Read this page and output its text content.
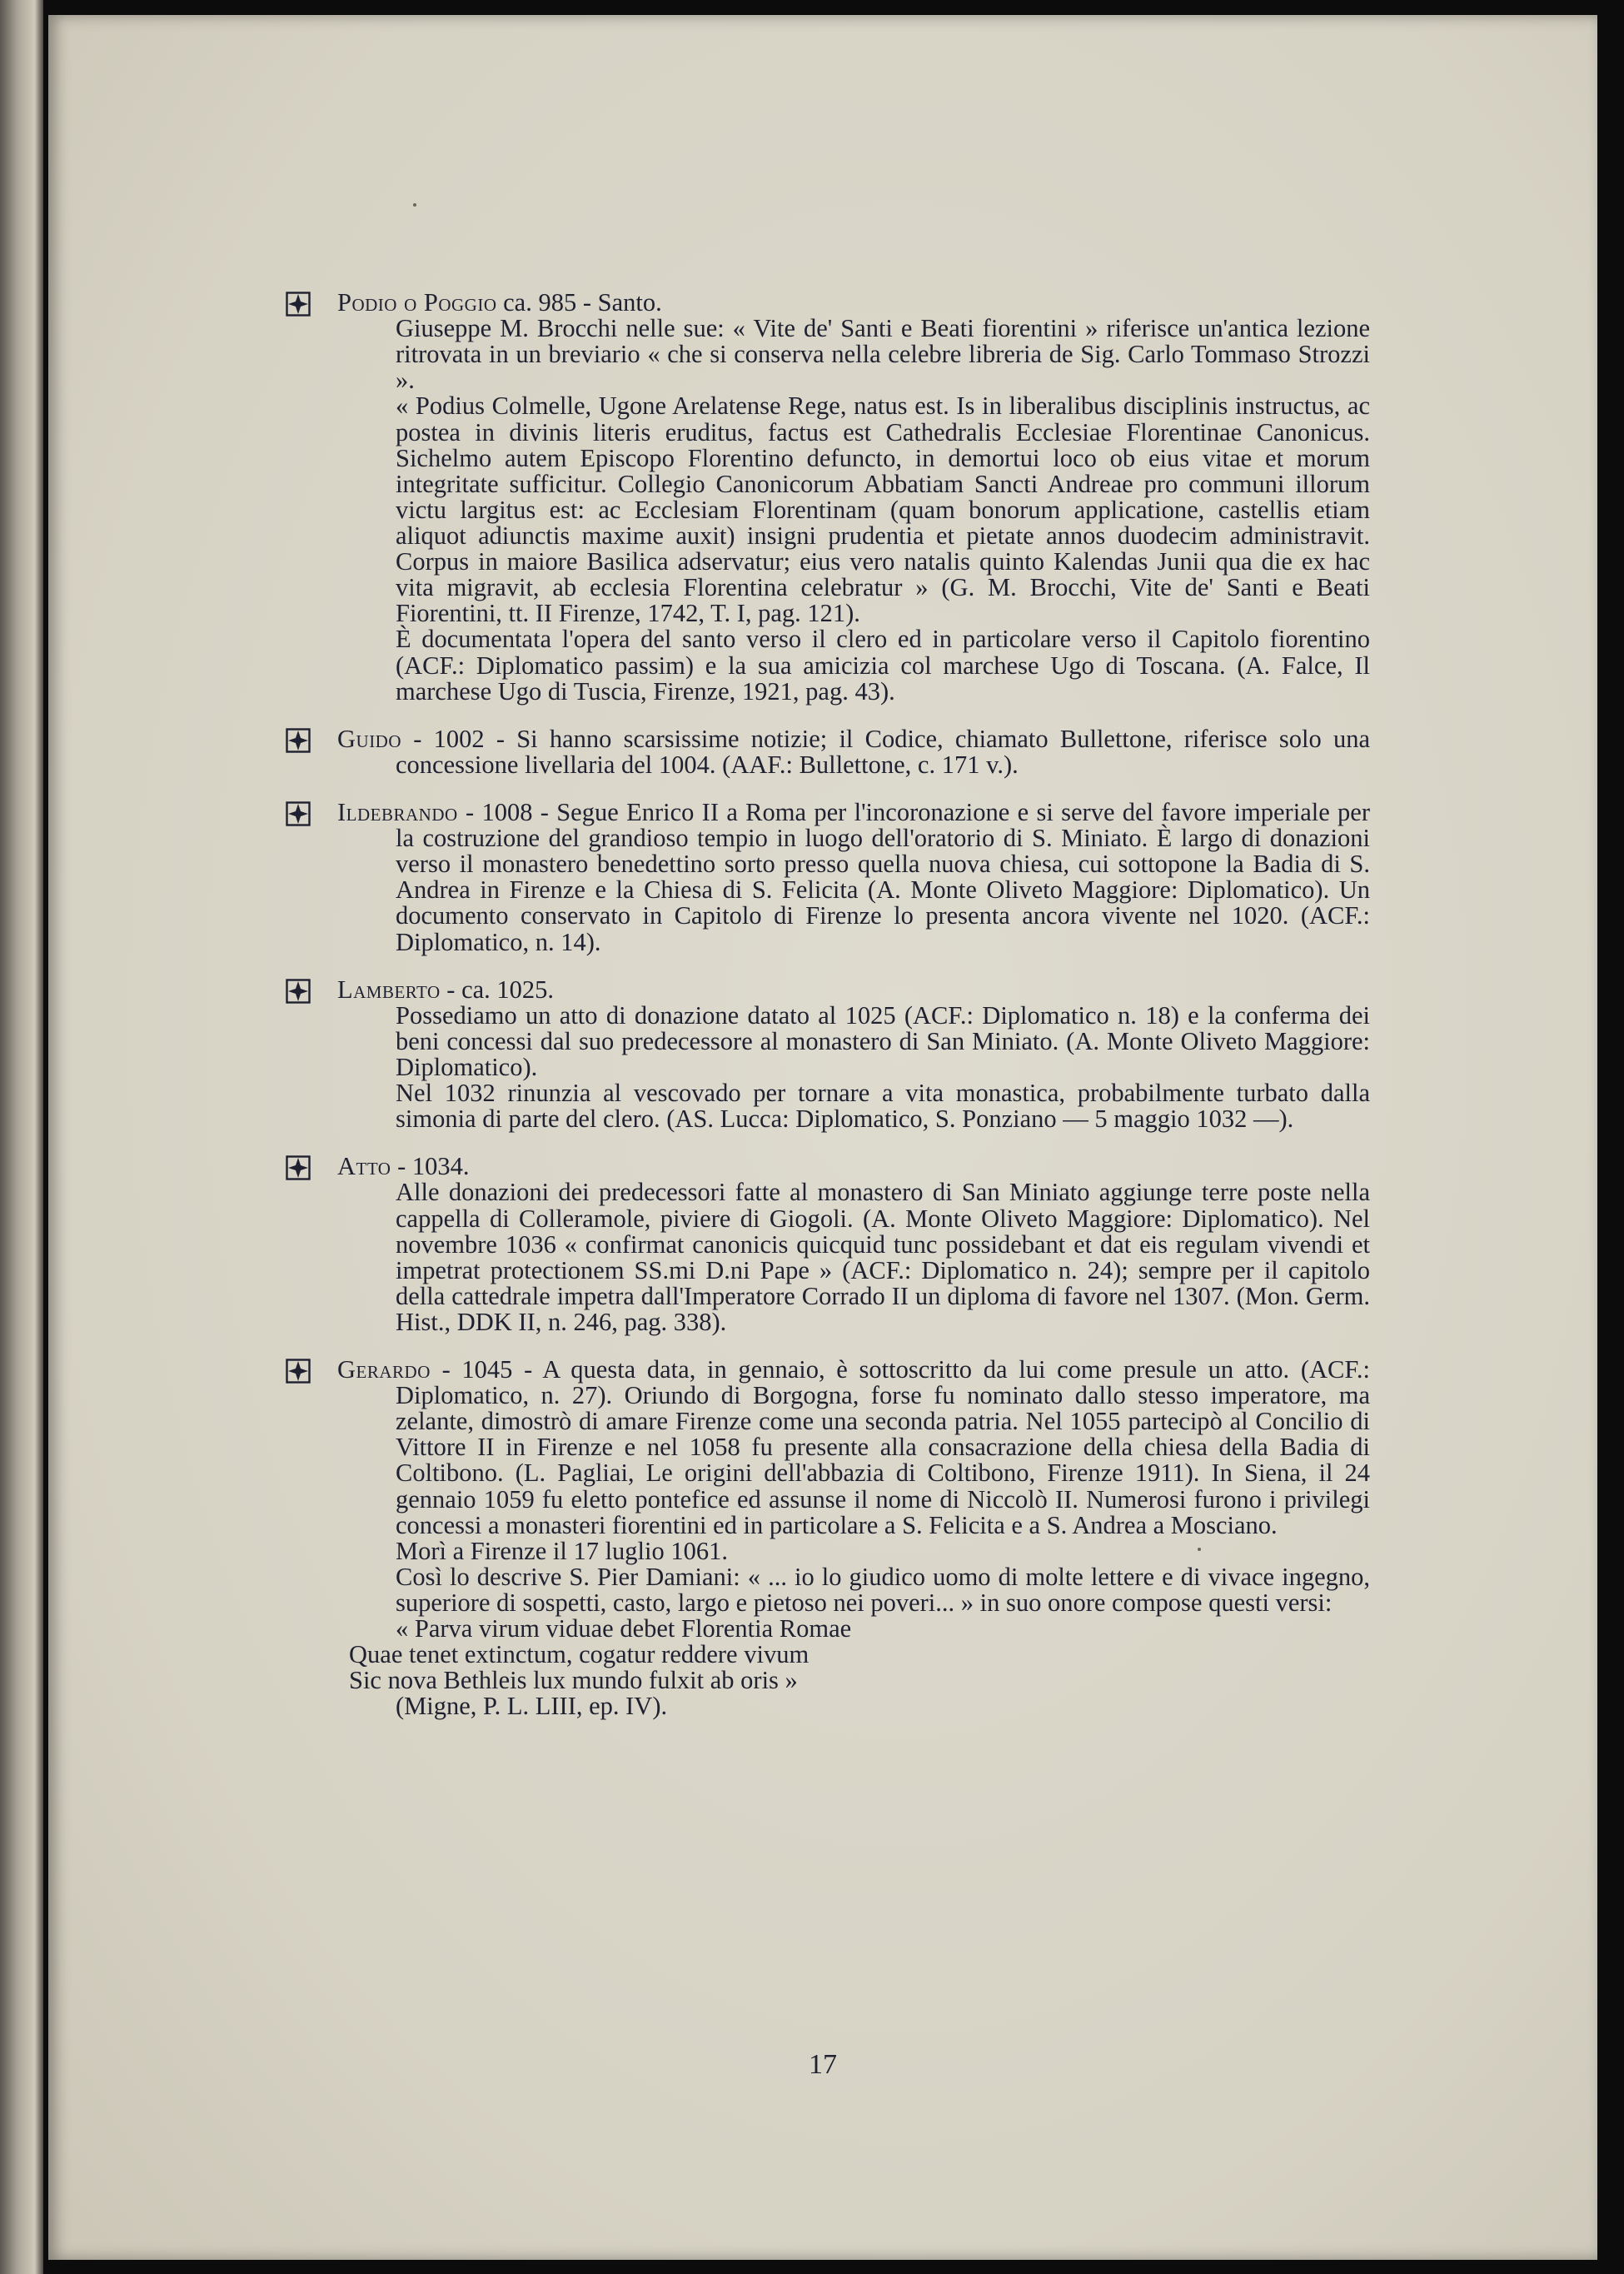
Podio o Poggio ca. 985 - Santo.

Giuseppe M. Brocchi nelle sue: « Vite de' Santi e Beati fiorentini » riferisce un'antica lezione ritrovata in un breviario « che si conserva nella celebre libreria de Sig. Carlo Tommaso Strozzi ».

« Podius Colmelle, Ugone Arelatense Rege, natus est. Is in liberalibus disciplinis instructus, ac postea in divinis literis eruditus, factus est Cathedralis Ecclesiae Florentinae Canonicus. Sichelmo autem Episcopo Florentino defuncto, in demortui loco ob eius vitae et morum integritate sufficitur. Collegio Canonicorum Abbatiam Sancti Andreae pro communi illorum victu largitus est: ac Ecclesiam Florentinam (quam bonorum applicatione, castellis etiam aliquot adiunctis maxime auxit) insigni prudentia et pietate annos duodecim administravit. Corpus in maiore Basilica adservatur; eius vero natalis quinto Kalendas Junii qua die ex hac vita migravit, ab ecclesia Florentina celebratur » (G. M. Brocchi, Vite de' Santi e Beati Fiorentini, tt. II Firenze, 1742, T. I, pag. 121).

È documentata l'opera del santo verso il clero ed in particolare verso il Capitolo fiorentino (ACF.: Diplomatico passim) e la sua amicizia col marchese Ugo di Toscana. (A. Falce, Il marchese Ugo di Tuscia, Firenze, 1921, pag. 43).

Guido - 1002 - Si hanno scarsissime notizie; il Codice, chiamato Bullettone, riferisce solo una concessione livellaria del 1004. (AAF.: Bullettone, c. 171 v.).

Ildebrando - 1008 - Segue Enrico II a Roma per l'incoronazione e si serve del favore imperiale per la costruzione del grandioso tempio in luogo dell'oratorio di S. Miniato. È largo di donazioni verso il monastero benedettino sorto presso quella nuova chiesa, cui sottopone la Badia di S. Andrea in Firenze e la Chiesa di S. Felicita (A. Monte Oliveto Maggiore: Diplomatico). Un documento conservato in Capitolo di Firenze lo presenta ancora vivente nel 1020. (ACF.: Diplomatico, n. 14).

Lamberto - ca. 1025.

Possediamo un atto di donazione datato al 1025 (ACF.: Diplomatico n. 18) e la conferma dei beni concessi dal suo predecessore al monastero di San Miniato. (A. Monte Oliveto Maggiore: Diplomatico).

Nel 1032 rinunzia al vescovado per tornare a vita monastica, probabilmente turbato dalla simonia di parte del clero. (AS. Lucca: Diplomatico, S. Ponziano — 5 maggio 1032 —).

Atto - 1034.

Alle donazioni dei predecessori fatte al monastero di San Miniato aggiunge terre poste nella cappella di Colleramole, piviere di Giogoli. (A. Monte Oliveto Maggiore: Diplomatico). Nel novembre 1036 « confirmat canonicis quicquid tunc possidebant et dat eis regulam vivendi et impetrat protectionem SS.mi D.ni Pape » (ACF.: Diplomatico n. 24); sempre per il capitolo della cattedrale impetra dall'Imperatore Corrado II un diploma di favore nel 1307. (Mon. Germ. Hist., DDK II, n. 246, pag. 338).

Gerardo - 1045 - A questa data, in gennaio, è sottoscritto da lui come presule un atto. (ACF.: Diplomatico, n. 27). Oriundo di Borgogna, forse fu nominato dallo stesso imperatore, ma zelante, dimostrò di amare Firenze come una seconda patria. Nel 1055 partecipò al Concilio di Vittore II in Firenze e nel 1058 fu presente alla consacrazione della chiesa della Badia di Coltibono. (L. Pagliai, Le origini dell'abbazia di Coltibono, Firenze 1911). In Siena, il 24 gennaio 1059 fu eletto pontefice ed assunse il nome di Niccolò II. Numerosi furono i privilegi concessi a monasteri fiorentini ed in particolare a S. Felicita e a S. Andrea a Mosciano.

Morì a Firenze il 17 luglio 1061.

Così lo descrive S. Pier Damiani: « ... io lo giudico uomo di molte lettere e di vivace ingegno, superiore di sospetti, casto, largo e pietoso nei poveri... » in suo onore compose questi versi:

« Parva virum viduae debet Florentia Romae

Quae tenet extinctum, cogatur reddere vivum

Sic nova Bethleis lux mundo fulxit ab oris »

(Migne, P. L. LIII, ep. IV).

17
